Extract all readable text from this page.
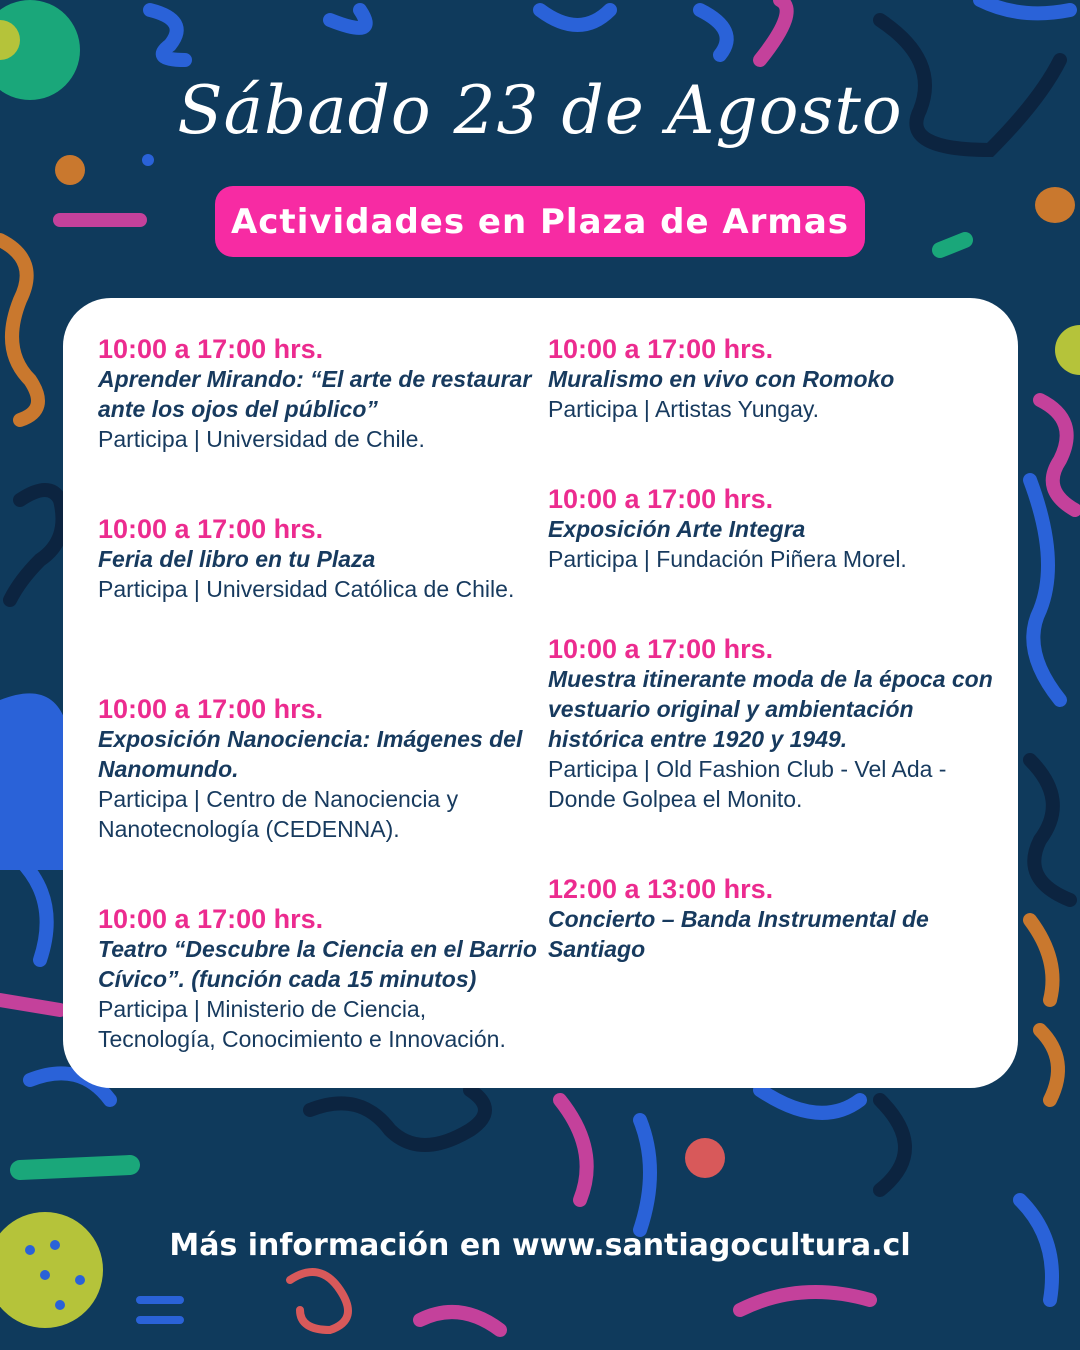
Sábado 23 de Agosto
Actividades en Plaza de Armas
10:00 a 17:00 hrs.
Aprender Mirando: “El arte de restaurar ante los ojos del público”
Participa | Universidad de Chile.
10:00 a 17:00 hrs.
Feria del libro en tu Plaza
Participa | Universidad Católica de Chile.
10:00 a 17:00 hrs.
Exposición Nanociencia: Imágenes del Nanomundo.
Participa | Centro de Nanociencia y Nanotecnología (CEDENNA).
10:00 a 17:00 hrs.
Teatro “Descubre la Ciencia en el Barrio Cívico”. (función cada 15 minutos)
Participa | Ministerio de Ciencia, Tecnología, Conocimiento e Innovación.
10:00 a 17:00 hrs.
Muralismo en vivo con Romoko
Participa | Artistas Yungay.
10:00 a 17:00 hrs.
Exposición Arte Integra
Participa | Fundación Piñera Morel.
10:00 a 17:00 hrs.
Muestra itinerante moda de la época con vestuario original y ambientación histórica entre 1920 y 1949.
Participa | Old Fashion Club - Vel Ada - Donde Golpea el Monito.
12:00 a 13:00 hrs.
Concierto – Banda Instrumental de Santiago
Más información en www.santiagocultura.cl
